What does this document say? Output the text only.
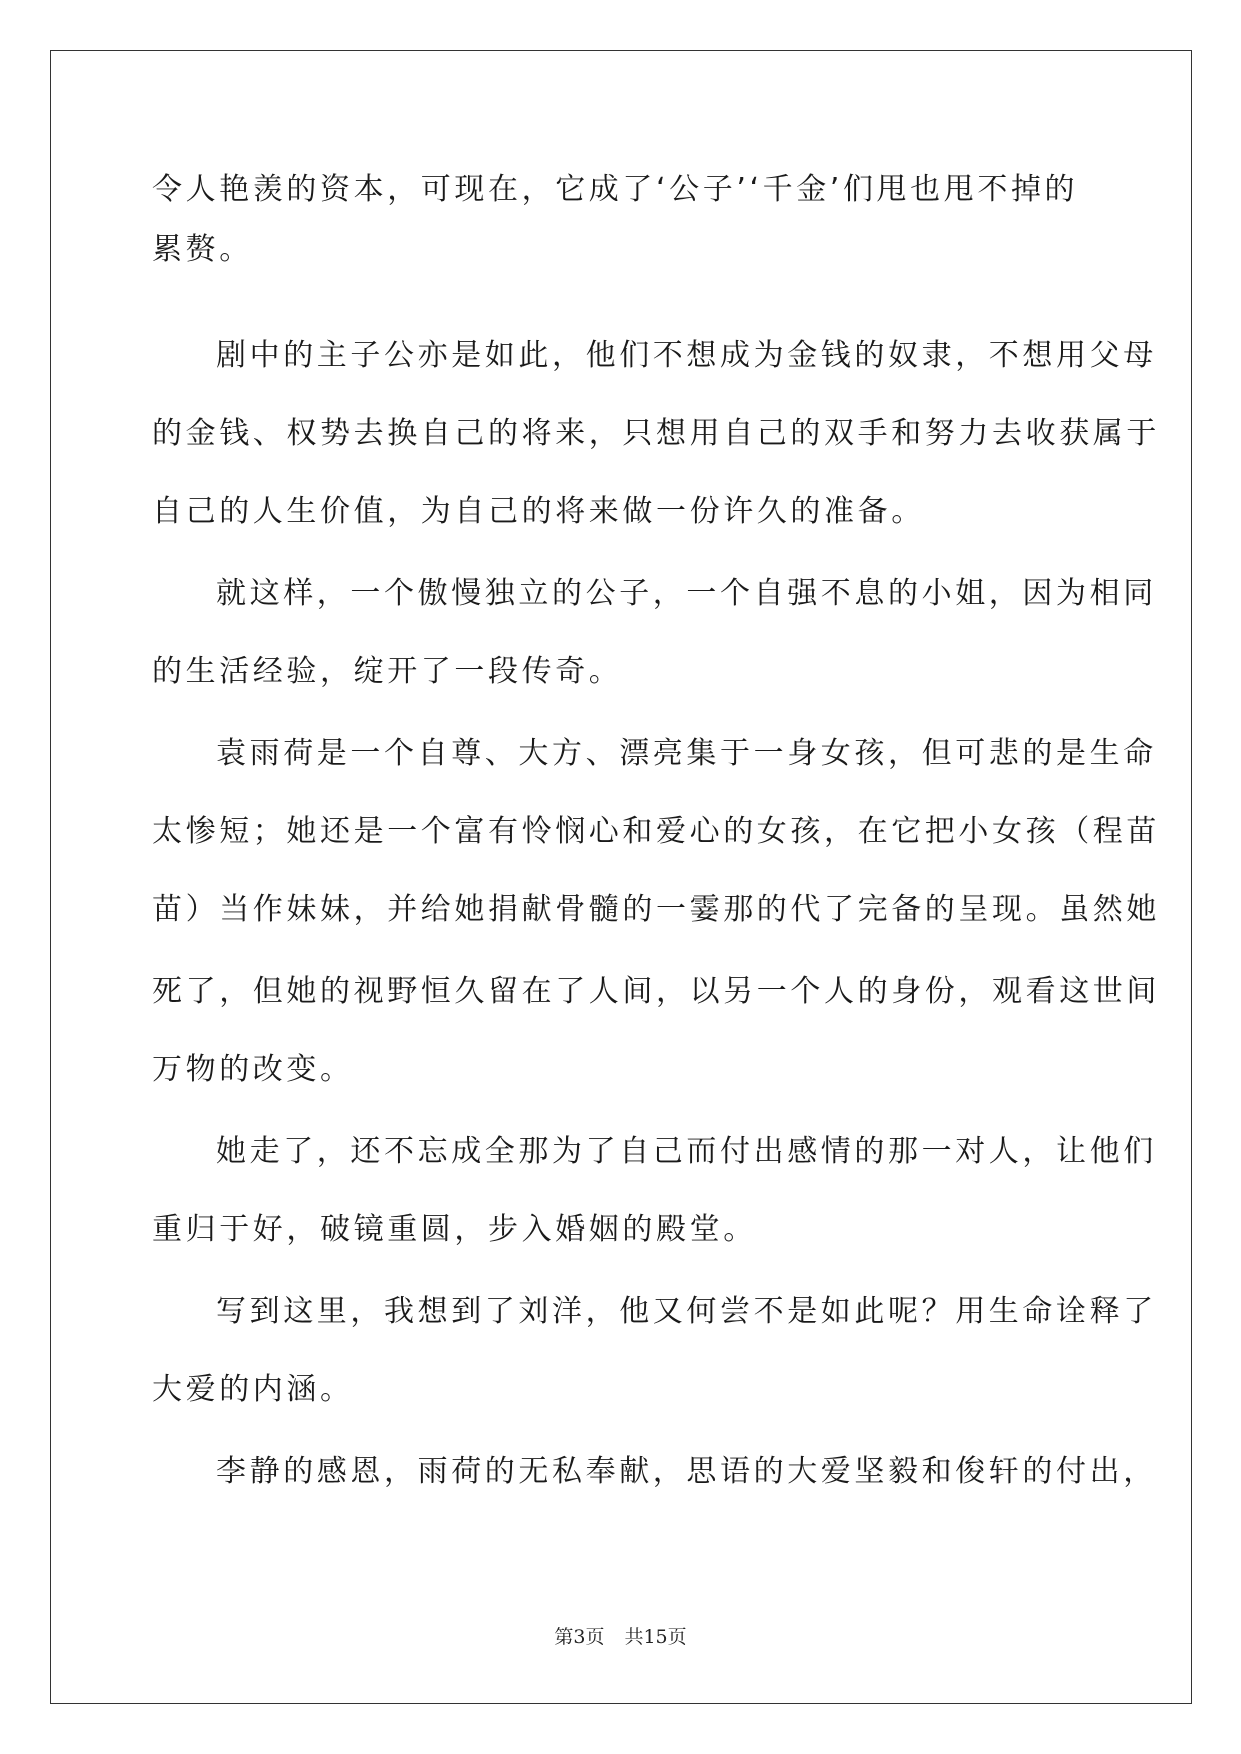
令人艳羡的资本，可现在，它成了‘公子’‘千金’们甩也甩不掉的
累赘。
剧中的主子公亦是如此，他们不想成为金钱的奴隶，不想用父母
的金钱、权势去换自己的将来，只想用自己的双手和努力去收获属于
自己的人生价值，为自己的将来做一份许久的准备。
就这样，一个傲慢独立的公子，一个自强不息的小姐，因为相同
的生活经验，绽开了一段传奇。
袁雨荷是一个自尊、大方、漂亮集于一身女孩，但可悲的是生命
太惨短；她还是一个富有怜悯心和爱心的女孩，在它把小女孩（程苗
苗）当作妹妹，并给她捐献骨髓的一霎那的代了完备的呈现。虽然她
死了，但她的视野恒久留在了人间，以另一个人的身份，观看这世间
万物的改变。
她走了，还不忘成全那为了自己而付出感情的那一对人，让他们
重归于好，破镜重圆，步入婚姻的殿堂。
写到这里，我想到了刘洋，他又何尝不是如此呢？用生命诠释了
大爱的内涵。
李静的感恩，雨荷的无私奉献，思语的大爱坚毅和俊轩的付出，
第3页 共15页
